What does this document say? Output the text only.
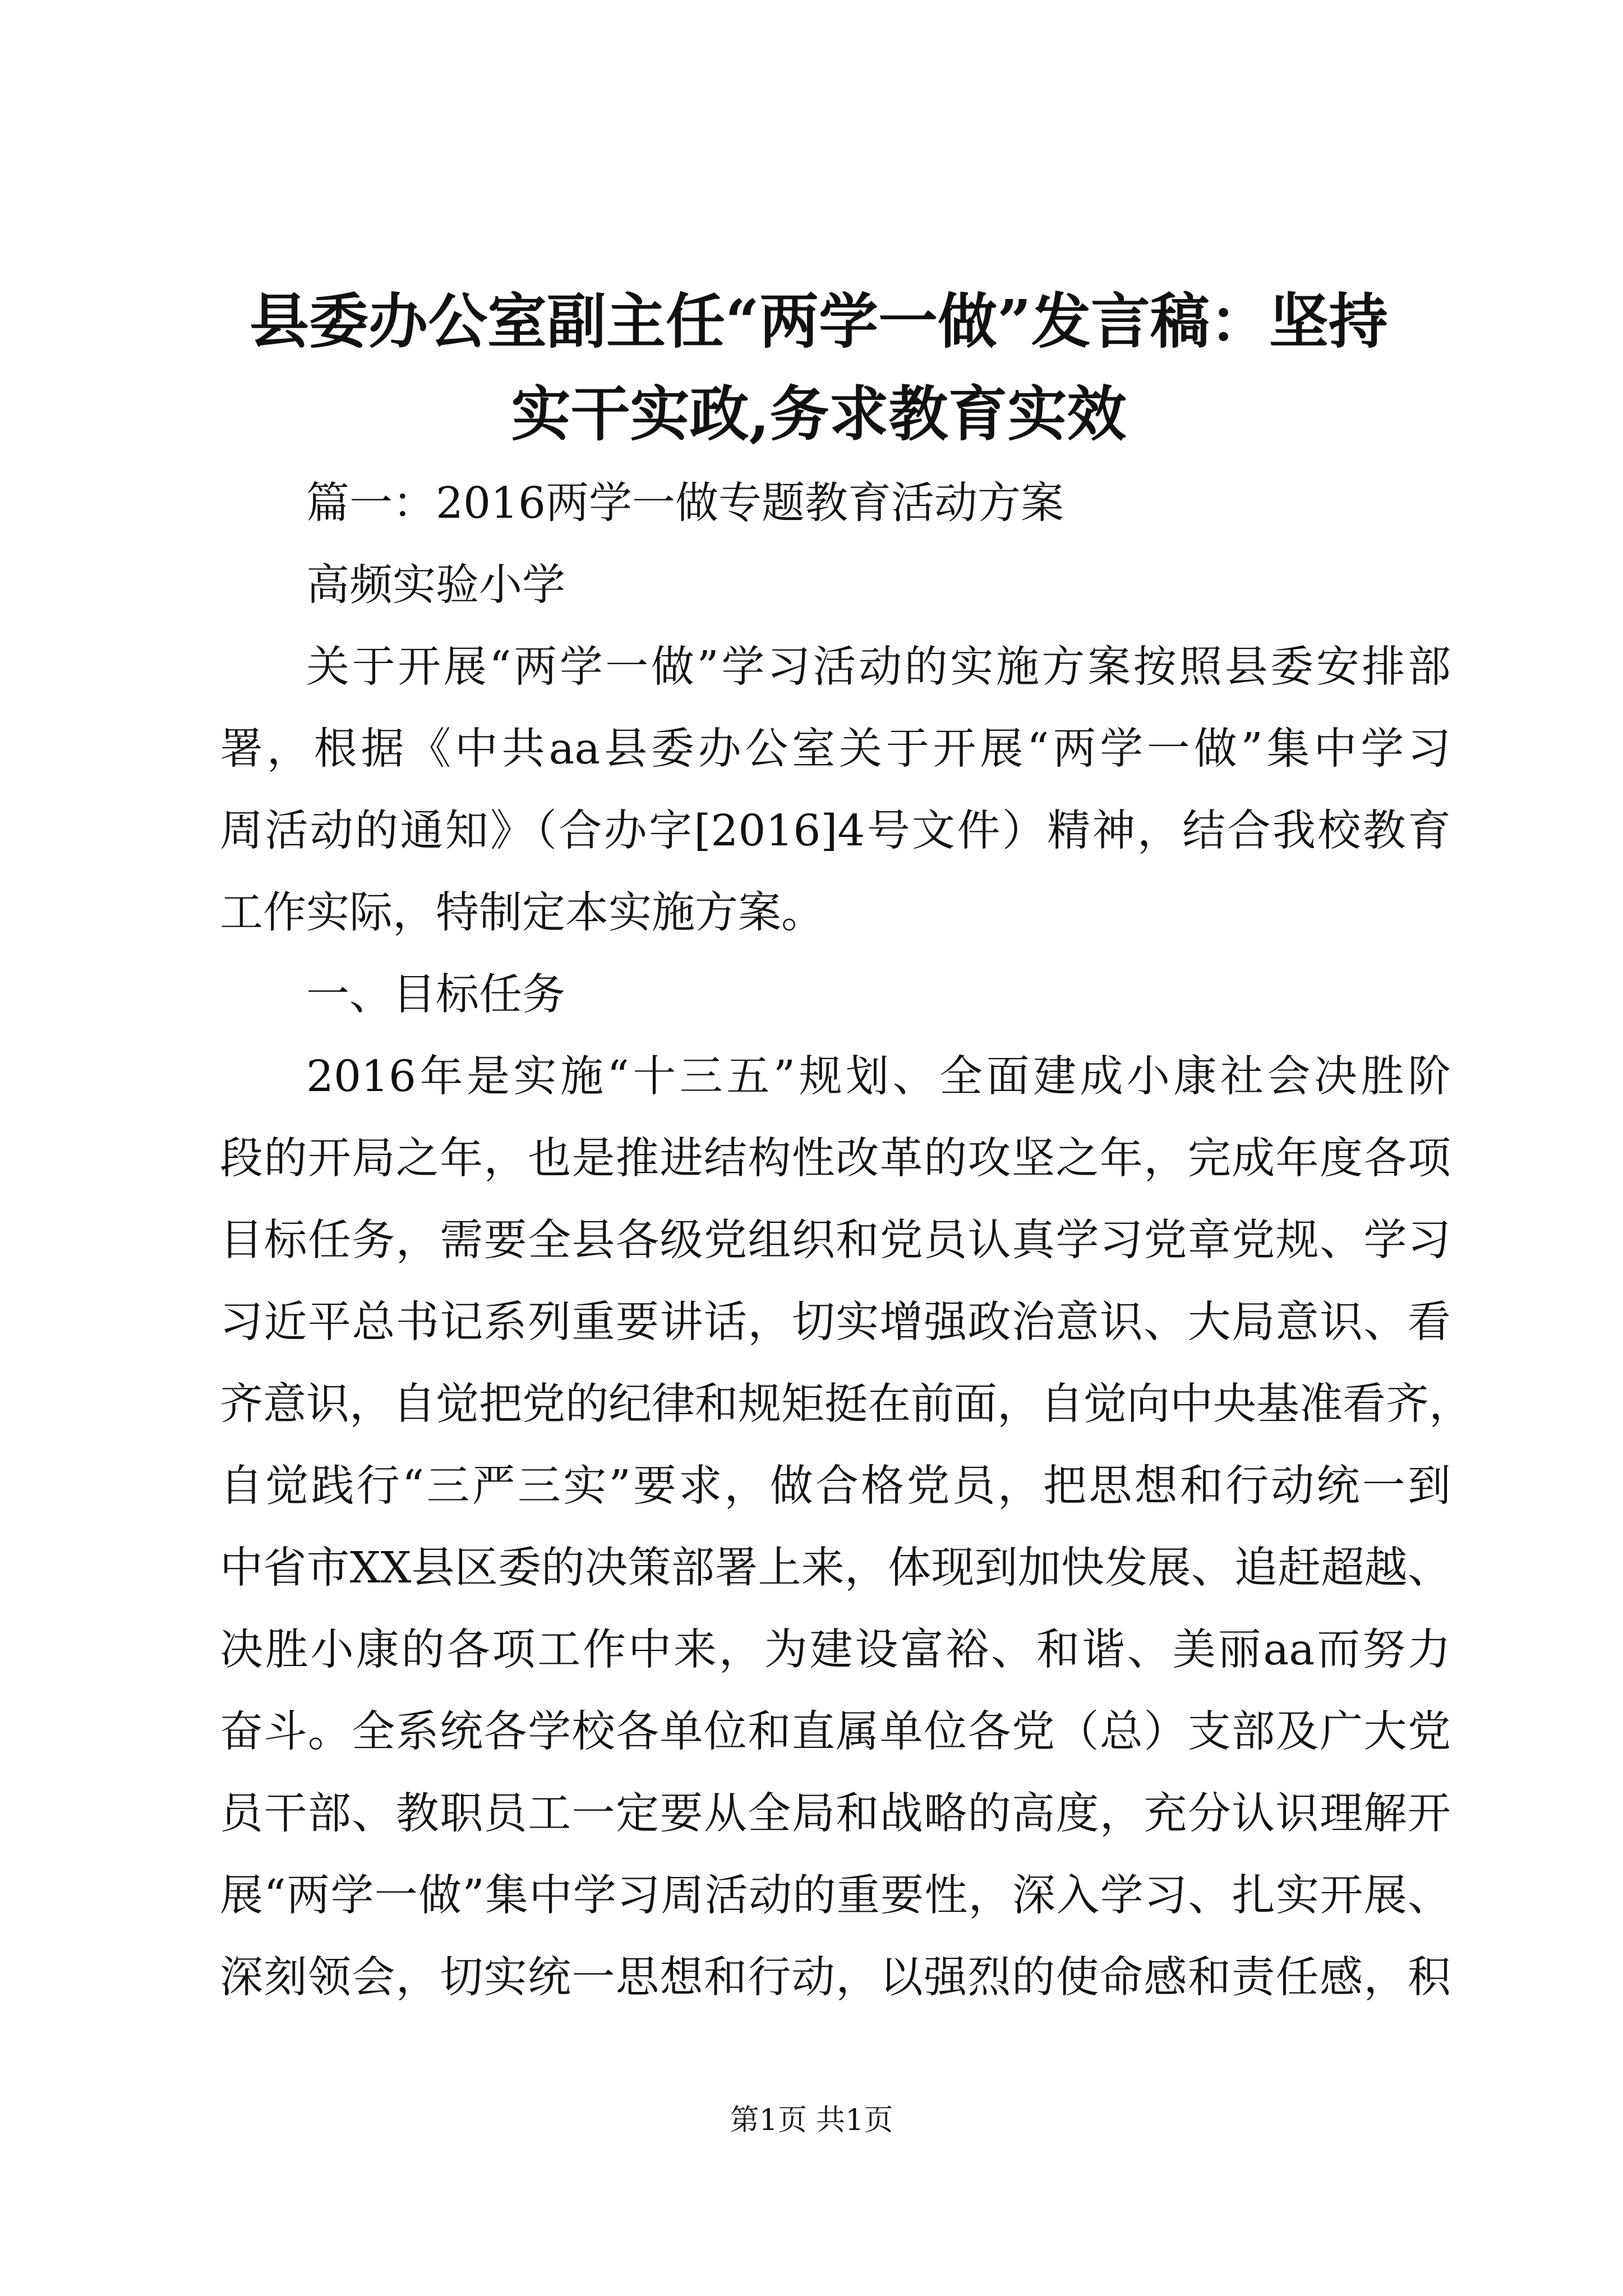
县委办公室副主任“两学一做”发言稿：坚持
实干实政,务求教育实效

篇一：2016两学一做专题教育活动方案

高频实验小学

关于开展“两学一做”学习活动的实施方案按照县委安排部
署，根据《中共aa县委办公室关于开展“两学一做”集中学习
周活动的通知》（合办字[2016]4号文件）精神，结合我校教育
工作实际，特制定本实施方案。

一、目标任务

2016年是实施“十三五”规划、全面建成小康社会决胜阶
段的开局之年，也是推进结构性改革的攻坚之年，完成年度各项
目标任务，需要全县各级党组织和党员认真学习党章党规、学习
习近平总书记系列重要讲话，切实增强政治意识、大局意识、看
齐意识，自觉把党的纪律和规矩挺在前面，自觉向中央基准看齐，
自觉践行“三严三实”要求，做合格党员，把思想和行动统一到
中省市XX县区委的决策部署上来，体现到加快发展、追赶超越、
决胜小康的各项工作中来，为建设富裕、和谐、美丽aa而努力
奋斗。全系统各学校各单位和直属单位各党（总）支部及广大党
员干部、教职员工一定要从全局和战略的高度，充分认识理解开
展“两学一做”集中学习周活动的重要性，深入学习、扎实开展、
深刻领会，切实统一思想和行动，以强烈的使命感和责任感，积

第1页 共1页
